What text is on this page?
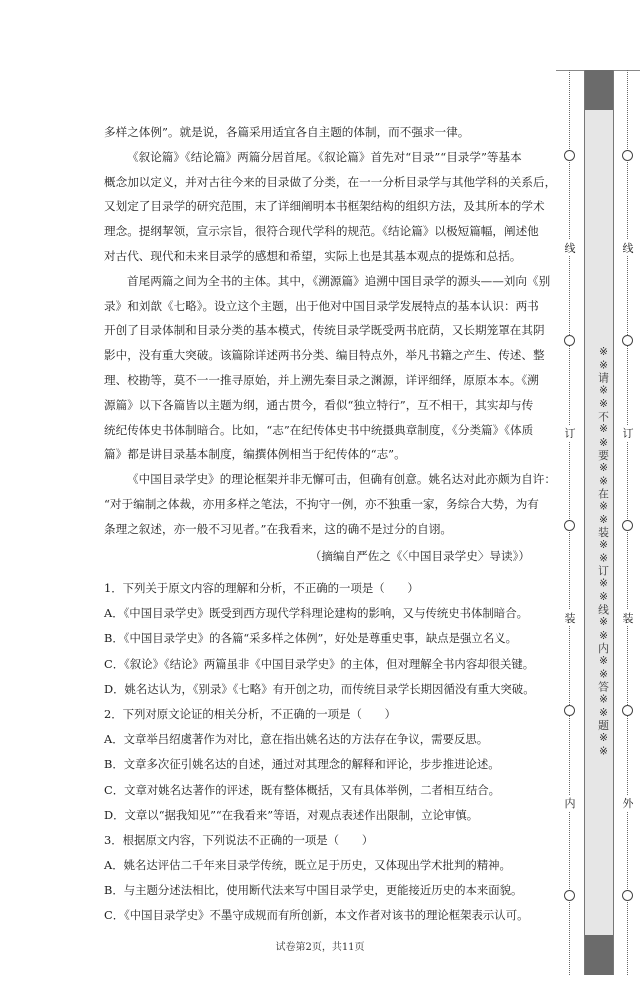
多样之体例”。就是说，各篇采用适宜各自主题的体制，而不强求一律。

《叙论篇》《结论篇》两篇分居首尾。《叙论篇》首先对“目录”“目录学”等基本
概念加以定义，并对古往今来的目录做了分类，在一一分析目录学与其他学科的关系后，
又划定了目录学的研究范围，末了详细阐明本书框架结构的组织方法，及其所本的学术
理念。提纲挈领，宣示宗旨，很符合现代学科的规范。《结论篇》以极短篇幅，阐述他
对古代、现代和未来目录学的感想和希望，实际上也是其基本观点的提炼和总括。

首尾两篇之间为全书的主体。其中，《溯源篇》追溯中国目录学的源头——刘向《别
录》和刘歆《七略》。设立这个主题，出于他对中国目录学发展特点的基本认识：两书
开创了目录体制和目录分类的基本模式，传统目录学既受两书庇荫，又长期笼罩在其阴
影中，没有重大突破。该篇除详述两书分类、编目特点外，举凡书籍之产生、传述、整
理、校勘等，莫不一一推寻原始，并上溯先秦目录之渊源，详评细绎，原原本本。《溯
源篇》以下各篇皆以主题为纲，通古贯今，看似“独立特行”，互不相干，其实却与传
统纪传体史书体制暗合。比如，“志”在纪传体史书中统摄典章制度，《分类篇》《体质
篇》都是讲目录基本制度，编撰体例相当于纪传体的“志”。

《中国目录学史》的理论框架并非无懈可击，但确有创意。姚名达对此亦颇为自许：
“对于编制之体裁，亦用多样之笔法，不拘守一例，亦不独重一家，务综合大势，为有
条理之叙述，亦一般不习见者。”在我看来，这的确不是过分的自诩。

（摘编自严佐之《〈中国目录学史〉导读》）
1．下列关于原文内容的理解和分析，不正确的一项是（　　）
A．《中国目录学史》既受到西方现代学科理论建构的影响，又与传统史书体制暗合。
B．《中国目录学史》的各篇“采多样之体例”，好处是尊重史事，缺点是强立名义。
C．《叙论》《结论》两篇虽非《中国目录学史》的主体，但对理解全书内容却很关键。
D．姚名达认为，《别录》《七略》有开创之功，而传统目录学长期因循没有重大突破。
2．下列对原文论证的相关分析，不正确的一项是（　　）
A．文章举吕绍虞著作为对比，意在指出姚名达的方法存在争议，需要反思。
B．文章多次征引姚名达的自述，通过对其理念的解释和评论，步步推进论述。
C．文章对姚名达著作的评述，既有整体概括，又有具体举例，二者相互结合。
D．文章以“据我知见”“在我看来”等语，对观点表述作出限制，立论审慎。
3．根据原文内容，下列说法不正确的一项是（　　）
A．姚名达评估二千年来目录学传统，既立足于历史，又体现出学术批判的精神。
B．与主题分述法相比，使用断代法来写中国目录学史，更能接近历史的本来面貌。
C．《中国目录学史》不墨守成规而有所创新，本文作者对该书的理论框架表示认可。
试卷第2页，共11页
线
订
装
内
※※请※※不※※要※※在※※装※※订※※线※※内※※答※※题※※
线
订
装
外
